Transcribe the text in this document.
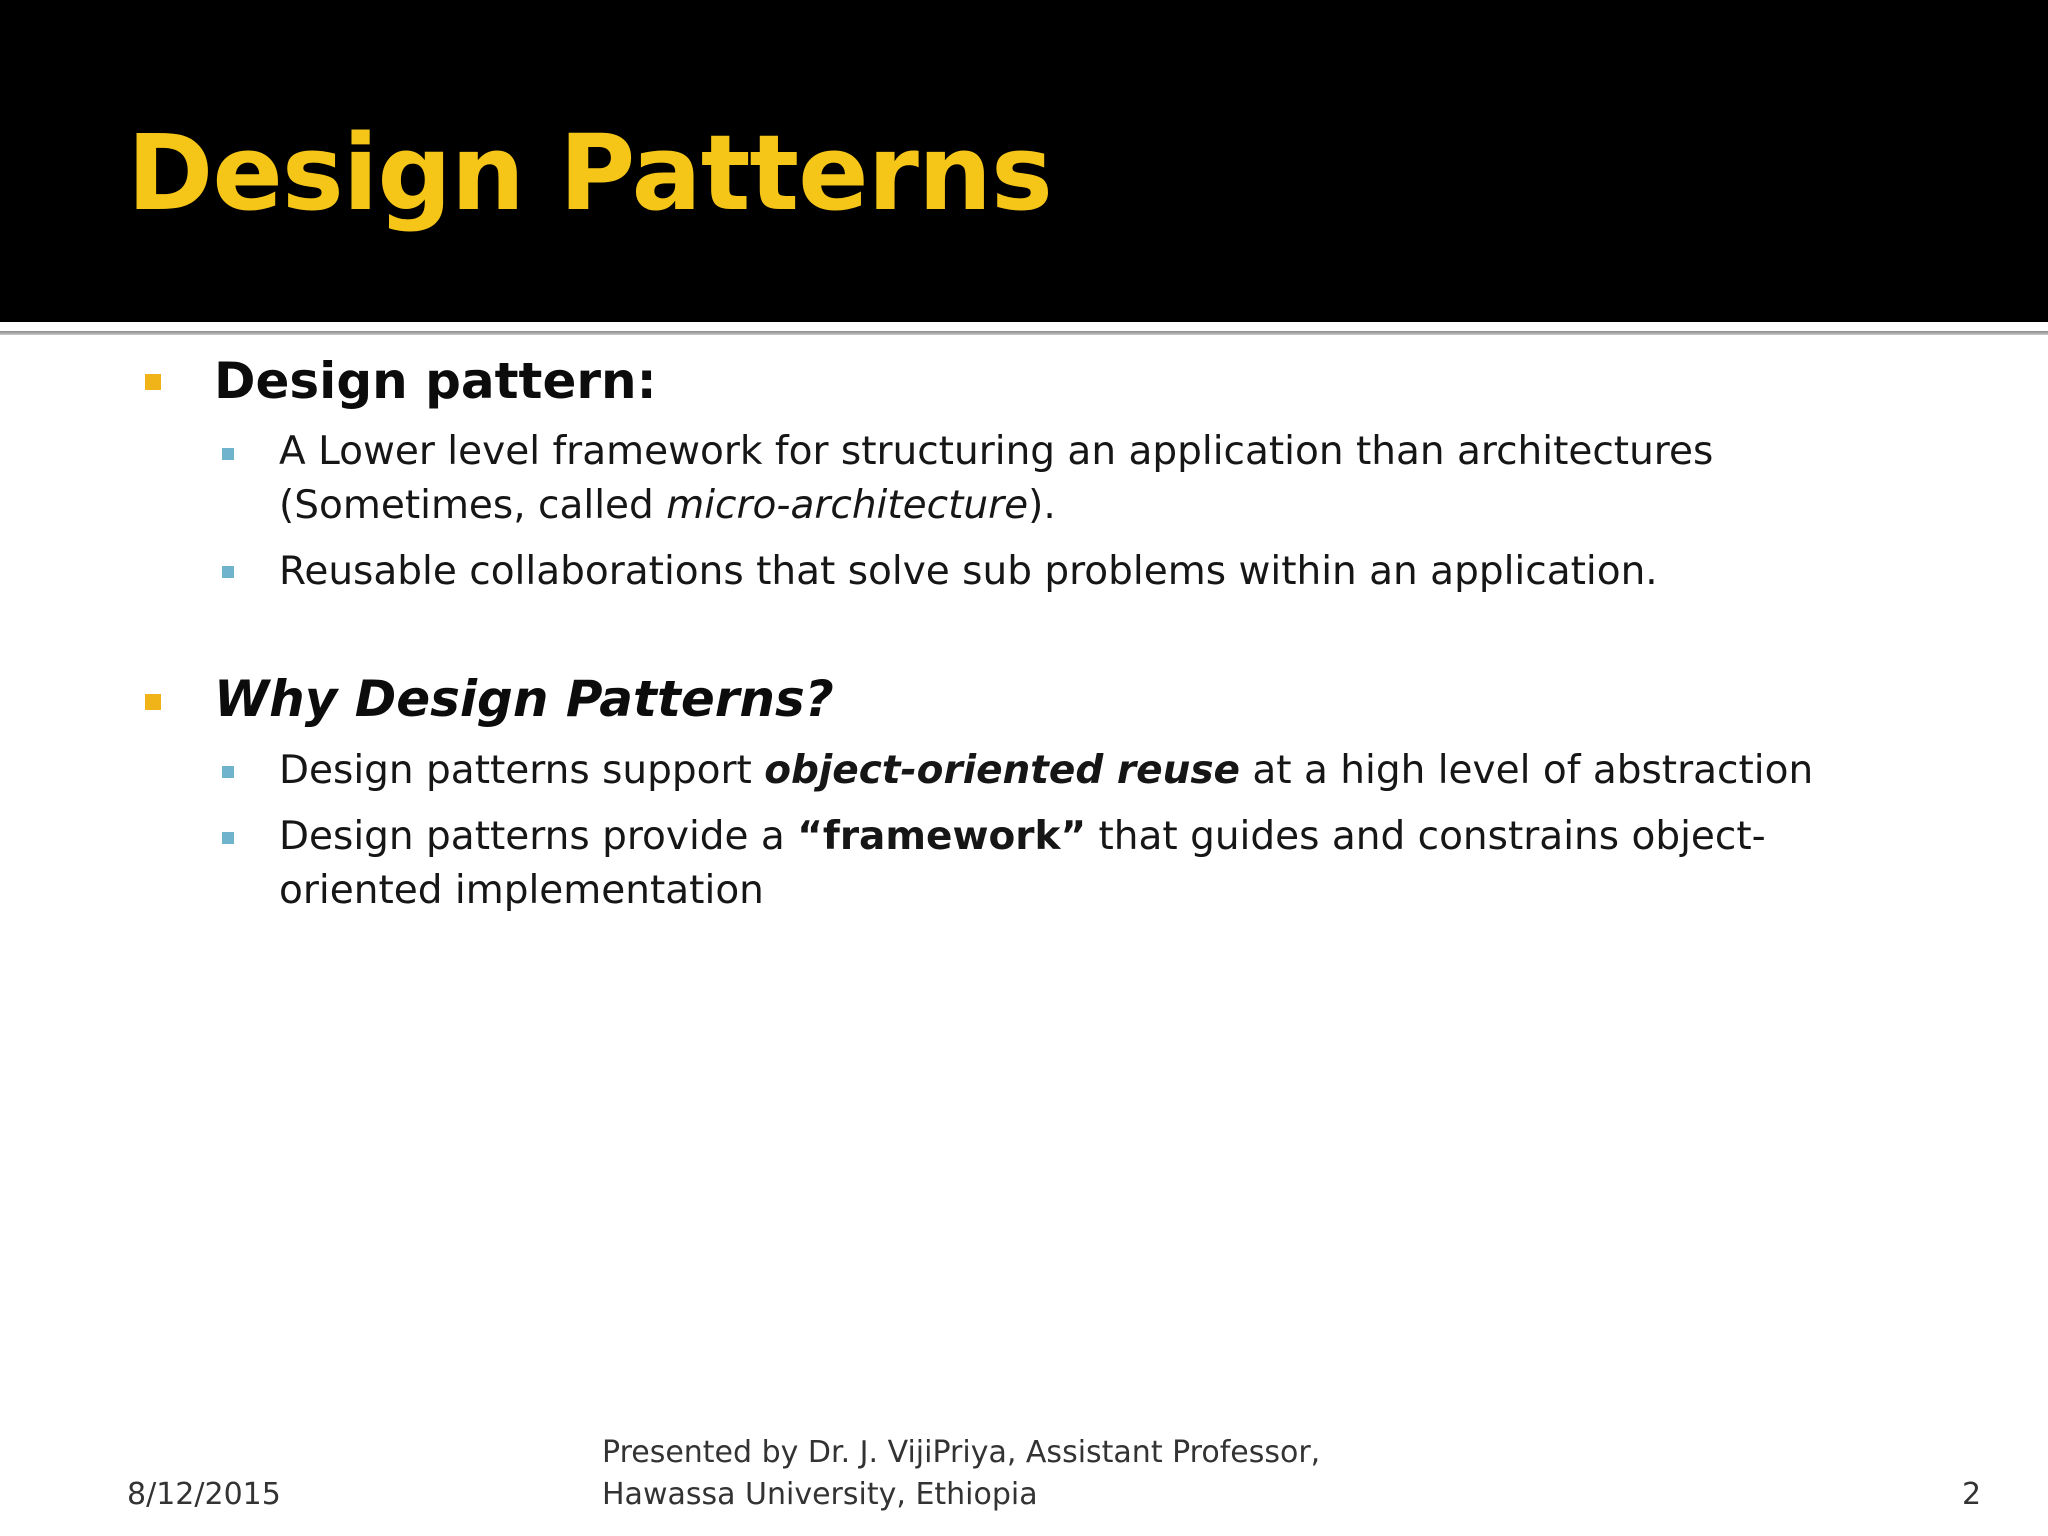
Design Patterns
Design pattern:
A Lower level framework for structuring an application than architectures (Sometimes, called micro-architecture).
Reusable collaborations that solve sub problems within an application.
Why Design Patterns?
Design patterns support object-oriented reuse at a high level of abstraction
Design patterns provide a “framework” that guides and constrains object-oriented implementation
8/12/2015
Presented by Dr. J. VijiPriya, Assistant Professor,
Hawassa University, Ethiopia	2
